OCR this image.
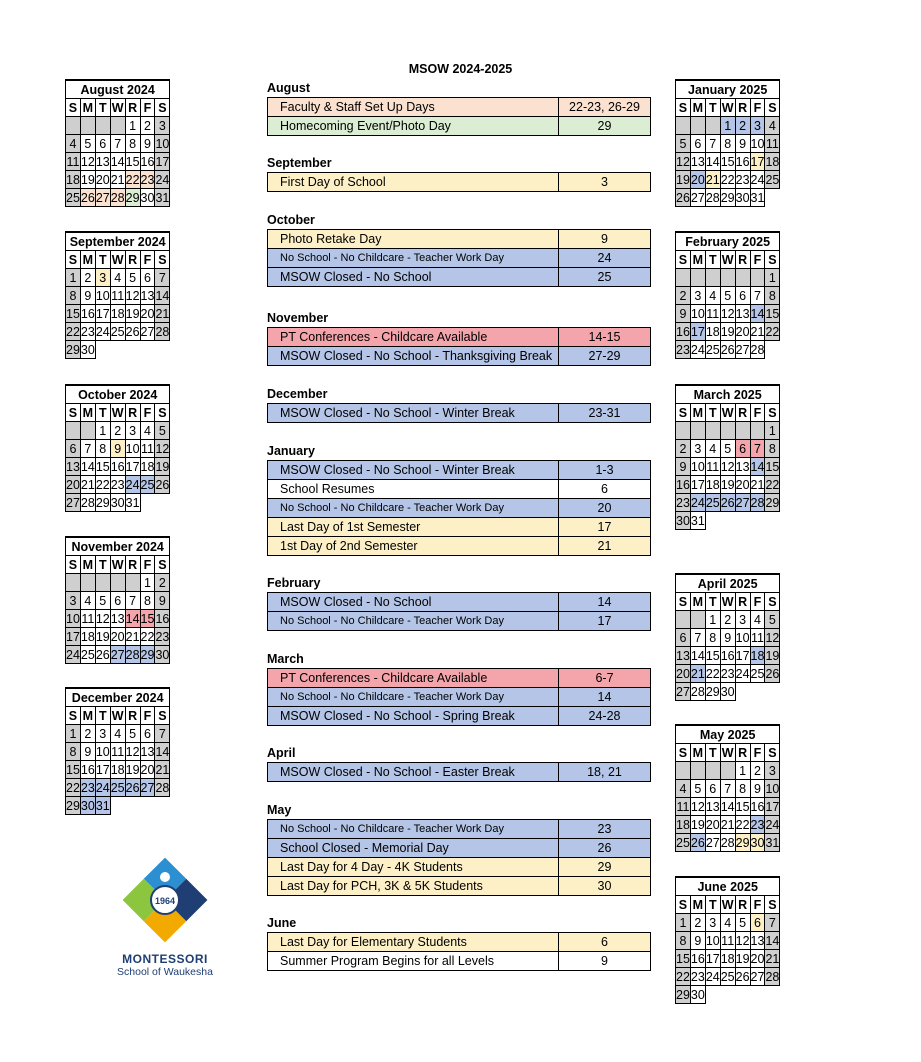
MSOW 2024-2025
August 2024						
S	M	T	W	R	F	S
				1	2	3
4	5	6	7	8	9	10
11	12	13	14	15	16	17
18	19	20	21	22	23	24
25	26	27	28	29	30	31
September 2024						
S	M	T	W	R	F	S
1	2	3	4	5	6	7
8	9	10	11	12	13	14
15	16	17	18	19	20	21
22	23	24	25	26	27	28
29	30					
October 2024						
S	M	T	W	R	F	S
		1	2	3	4	5
6	7	8	9	10	11	12
13	14	15	16	17	18	19
20	21	22	23	24	25	26
27	28	29	30	31		
November 2024						
S	M	T	W	R	F	S
					1	2
3	4	5	6	7	8	9
10	11	12	13	14	15	16
17	18	19	20	21	22	23
24	25	26	27	28	29	30
December 2024						
S	M	T	W	R	F	S
1	2	3	4	5	6	7
8	9	10	11	12	13	14
15	16	17	18	19	20	21
22	23	24	25	26	27	28
29	30	31				
January 2025						
S	M	T	W	R	F	S
			1	2	3	4
5	6	7	8	9	10	11
12	13	14	15	16	17	18
19	20	21	22	23	24	25
26	27	28	29	30	31	
February 2025						
S	M	T	W	R	F	S
						1
2	3	4	5	6	7	8
9	10	11	12	13	14	15
16	17	18	19	20	21	22
23	24	25	26	27	28	
March 2025						
S	M	T	W	R	F	S
						1
2	3	4	5	6	7	8
9	10	11	12	13	14	15
16	17	18	19	20	21	22
23	24	25	26	27	28	29
30	31					
April 2025						
S	M	T	W	R	F	S
		1	2	3	4	5
6	7	8	9	10	11	12
13	14	15	16	17	18	19
20	21	22	23	24	25	26
27	28	29	30			
May 2025						
S	M	T	W	R	F	S
				1	2	3
4	5	6	7	8	9	10
11	12	13	14	15	16	17
18	19	20	21	22	23	24
25	26	27	28	29	30	31
June 2025						
S	M	T	W	R	F	S
1	2	3	4	5	6	7
8	9	10	11	12	13	14
15	16	17	18	19	20	21
22	23	24	25	26	27	28
29	30					
August
Faculty & Staff Set Up Days	22-23, 26-29
Homecoming Event/Photo Day	29
September
First Day of School	3
October
Photo Retake Day	9
No School - No Childcare - Teacher Work Day	24
MSOW Closed - No School	25
November
PT Conferences - Childcare Available	14-15
MSOW Closed - No School - Thanksgiving Break	27-29
December
MSOW Closed - No School - Winter Break	23-31
January
MSOW Closed - No School - Winter Break	1-3
School Resumes	6
No School - No Childcare - Teacher Work Day	20
Last Day of 1st Semester	17
1st Day of 2nd Semester	21
February
MSOW Closed - No School	14
No School - No Childcare - Teacher Work Day	17
March
PT Conferences - Childcare Available	6-7
No School - No Childcare - Teacher Work Day	14
MSOW Closed - No School - Spring Break	24-28
April
MSOW Closed - No School - Easter Break	18, 21
May
No School - No Childcare - Teacher Work Day	23
School Closed - Memorial Day	26
Last Day for 4 Day - 4K Students	29
Last Day for PCH, 3K & 5K Students	30
June
Last Day for Elementary Students	6
Summer Program Begins for all Levels	9
1964
MONTESSORI
School of Waukesha
